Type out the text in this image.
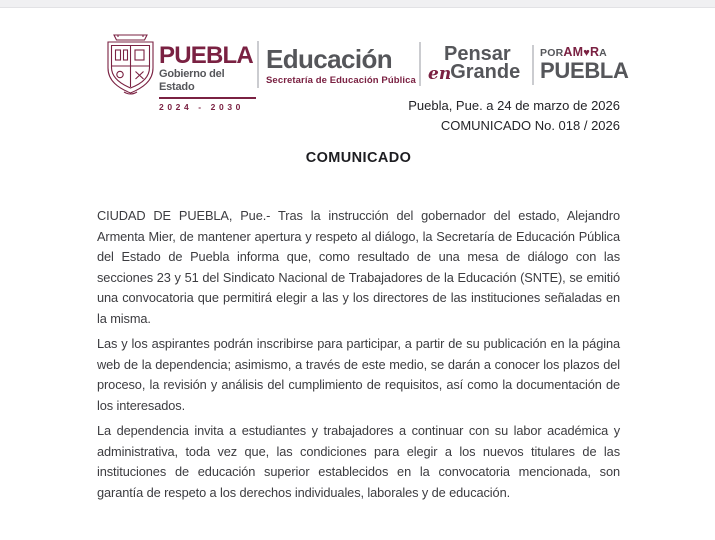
PUEBLA
Gobierno del Estado
2024 - 2030
Educación
Secretaría de Educación Pública
Pensar
enGrande
PORAM♥RA
PUEBLA
Puebla, Pue. a 24 de marzo de 2026
COMUNICADO No. 018 / 2026
COMUNICADO

CIUDAD DE PUEBLA, Pue.- Tras la instrucción del gobernador del estado, Alejandro Armenta Mier, de mantener apertura y respeto al diálogo, la Secretaría de Educación Pública del Estado de Puebla informa que, como resultado de una mesa de diálogo con las secciones 23 y 51 del Sindicato Nacional de Trabajadores de la Educación (SNTE), se emitió una convocatoria que permitirá elegir a las y los directores de las instituciones señaladas en la misma.

Las y los aspirantes podrán inscribirse para participar, a partir de su publicación en la página web de la dependencia; asimismo, a través de este medio, se darán a conocer los plazos del proceso, la revisión y análisis del cumplimiento de requisitos, así como la documentación de los interesados.

La dependencia invita a estudiantes y trabajadores a continuar con su labor académica y administrativa, toda vez que, las condiciones para elegir a los nuevos titulares de las instituciones de educación superior establecidos en la convocatoria mencionada, son garantía de respeto a los derechos individuales, laborales y de educación.
